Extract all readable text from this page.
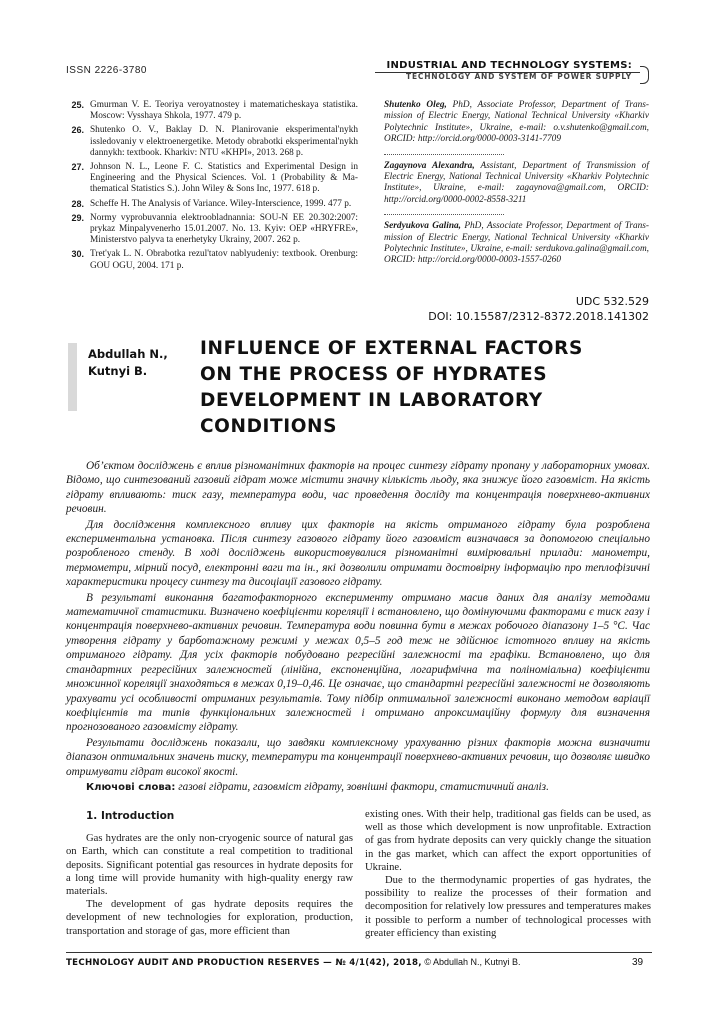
ISSN 2226-3780	INDUSTRIAL AND TECHNOLOGY SYSTEMS:
TECHNOLOGY AND SYSTEM OF POWER SUPPLY
25. Gmurman V. E. Teoriya veroyatnostey i matematicheskaya statistika. Moscow: Vysshaya Shkola, 1977. 479 p.
26. Shutenko O. V., Baklay D. N. Planirovanie eksperimental'nykh issledovaniy v elektroenergetike. Metody obrabotki eksperimental'nykh dannykh: textbook. Kharkiv: NTU «KHPI», 2013. 268 p.
27. Johnson N. L., Leone F. C. Statistics and Experimental Design in Engineering and the Physical Sciences. Vol. 1 (Probability & Mathematical Statistics S.). John Wiley & Sons Inc, 1977. 618 p.
28. Scheffe H. The Analysis of Variance. Wiley-Interscience, 1999. 477 p.
29. Normy vyprobuvannia elektroobladnannia: SOU-N EE 20.302:2007: prykaz Minpalyvenerho 15.01.2007. No. 13. Kyiv: OEP «HRYFRE», Ministerstvo palyva ta enerhetyky Ukrainy, 2007. 262 p.
30. Tret'yak L. N. Obrabotka rezul'tatov nablyudeniy: textbook. Orenburg: GOU OGU, 2004. 171 p.
Shutenko Oleg, PhD, Associate Professor, Department of Transmission of Electric Energy, National Technical University «Kharkiv Polytechnic Institute», Ukraine, e-mail: o.v.shutenko@gmail.com, ORCID: http://orcid.org/0000-0003-3141-7709
Zagaynova Alexandra, Assistant, Department of Transmission of Electric Energy, National Technical University «Kharkiv Polytechnic Institute», Ukraine, e-mail: zagaynova@gmail.com, ORCID: http://orcid.org/0000-0002-8558-3211
Serdyukova Galina, PhD, Associate Professor, Department of Transmission of Electric Energy, National Technical University «Kharkiv Polytechnic Institute», Ukraine, e-mail: serdukova.galina@gmail.com, ORCID: http://orcid.org/0000-0003-1557-0260
UDC 532.529
DOI: 10.15587/2312-8372.2018.141302
Abdullah N.,
Kutnyi B.
INFLUENCE OF EXTERNAL FACTORS ON THE PROCESS OF HYDRATES DEVELOPMENT IN LABORATORY CONDITIONS

Об’єктом досліджень є вплив різноманітних факторів на процес синтезу гідрату пропану у лабораторних умовах. Відомо, що синтезований газовий гідрат може містити значну кількість льоду, яка знижує його газовміст. На якість гідрату впливають: тиск газу, температура води, час проведення досліду та концентрація поверхнево-активних речовин.

Для дослідження комплексного впливу цих факторів на якість отриманого гідрату була розроблена експериментальна установка. Після синтезу газового гідрату його газовміст визначався за допомогою спеціально розробленого стенду. В ході досліджень використовувалися різноманітні вимірювальні прилади: манометри, термометри, мірний посуд, електронні ваги та ін., які дозволили отримати достовірну інформацію про теплофізичні характеристики процесу синтезу та дисоціації газового гідрату.

В результаті виконання багатофакторного експерименту отримано масив даних для аналізу методами математичної статистики. Визначено коефіцієнти кореляції і встановлено, що домінуючими факторами є тиск газу і концентрація поверхнево-активних речовин. Температура води повинна бути в межах робочого діапазону 1–5 °C. Час утворення гідрату у барботажному режимі у межах 0,5–5 год теж не здійснює істотного впливу на якість отриманого гідрату. Для усіх факторів побудовано регресійні залежності та графіки. Встановлено, що для стандартних регресійних залежностей (лінійна, експоненційна, логарифмічна та поліноміальна) коефіцієнти множинної кореляції знаходяться в межах 0,19–0,46. Це означає, що стандартні регресійні залежності не дозволяють урахувати усі особливості отриманих результатів. Тому підбір оптимальної залежності виконано методом варіації коефіцієнтів та типів функціональних залежностей і отримано апроксимаційну формулу для визначення прогнозованого газовмісту гідрату.

Результати досліджень показали, що завдяки комплексному урахуванню різних факторів можна визначити діапазон оптимальних значень тиску, температури та концентрації поверхнево-активних речовин, що дозволяє швидко отримувати гідрат високої якості.

Ключові слова: газові гідрати, газовміст гідрату, зовнішні фактори, статистичний аналіз.
1. Introduction

Gas hydrates are the only non-cryogenic source of natural gas on Earth, which can constitute a real competition to traditional deposits. Significant potential gas resources in hydrate deposits for a long time will provide humanity with high-quality energy raw materials.

The development of gas hydrate deposits requires the development of new technologies for exploration, production, transportation and storage of gas, more efficient than

existing ones. With their help, traditional gas fields can be used, as well as those which development is now unprofitable. Extraction of gas from hydrate deposits can very quickly change the situation in the gas market, which can affect the export opportunities of Ukraine.

Due to the thermodynamic properties of gas hydrates, the possibility to realize the processes of their formation and decomposition for relatively low pressures and temperatures makes it possible to perform a number of technological processes with greater efficiency than existing

TECHNOLOGY AUDIT AND PRODUCTION RESERVES — № 4/1(42), 2018, © Abdullah N., Kutnyi B.	39
